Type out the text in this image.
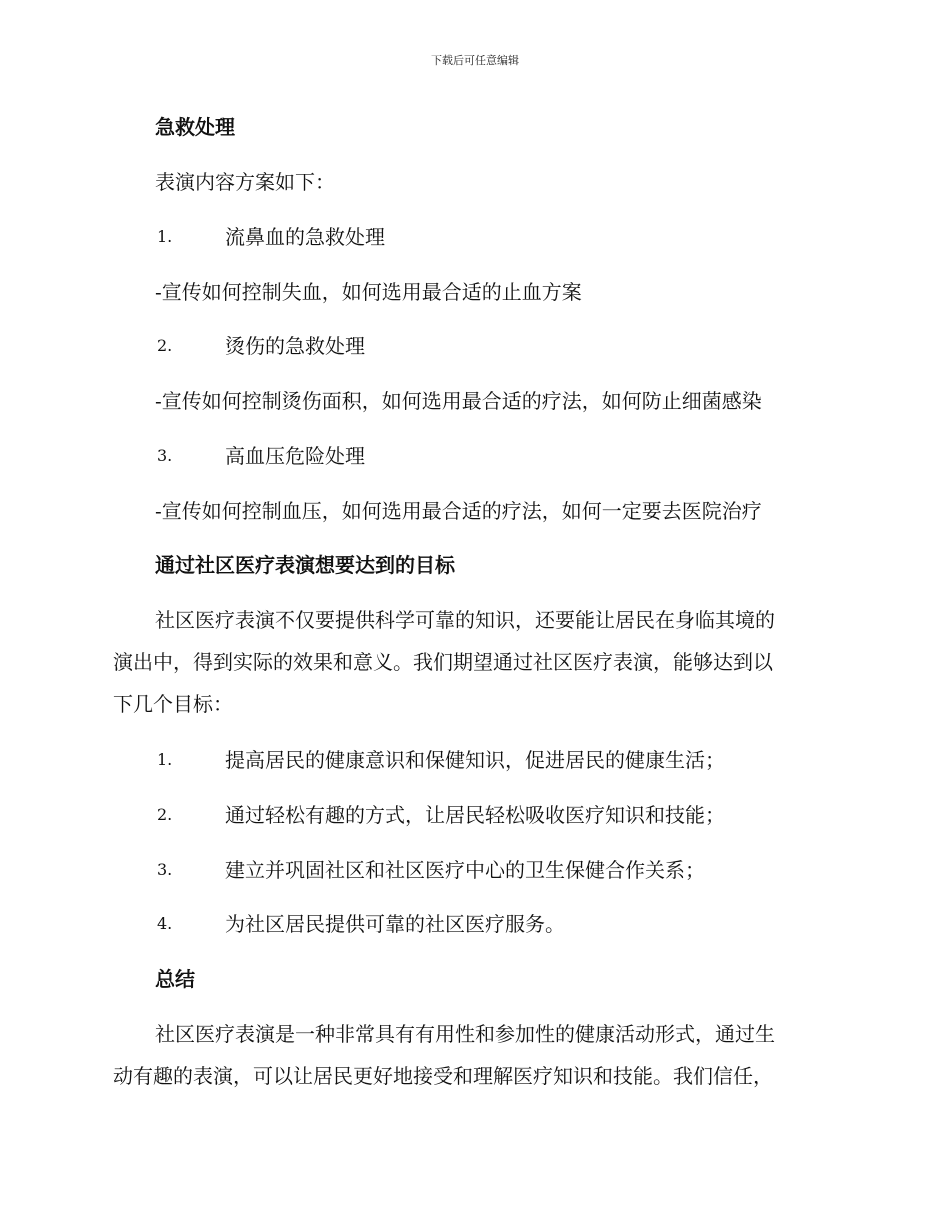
下载后可任意编辑
急救处理
表演内容方案如下：
1.	流鼻血的急救处理
-宣传如何控制失血，如何选用最合适的止血方案
2.	烫伤的急救处理
-宣传如何控制烫伤面积，如何选用最合适的疗法，如何防止细菌感染
3.	高血压危险处理
-宣传如何控制血压，如何选用最合适的疗法，如何一定要去医院治疗
通过社区医疗表演想要达到的目标
社区医疗表演不仅要提供科学可靠的知识，还要能让居民在身临其境的
演出中，得到实际的效果和意义。我们期望通过社区医疗表演，能够达到以
下几个目标：
1.	提高居民的健康意识和保健知识，促进居民的健康生活；
2.	通过轻松有趣的方式，让居民轻松吸收医疗知识和技能；
3.	建立并巩固社区和社区医疗中心的卫生保健合作关系；
4.	为社区居民提供可靠的社区医疗服务。
总结
社区医疗表演是一种非常具有有用性和参加性的健康活动形式，通过生
动有趣的表演，可以让居民更好地接受和理解医疗知识和技能。我们信任，
